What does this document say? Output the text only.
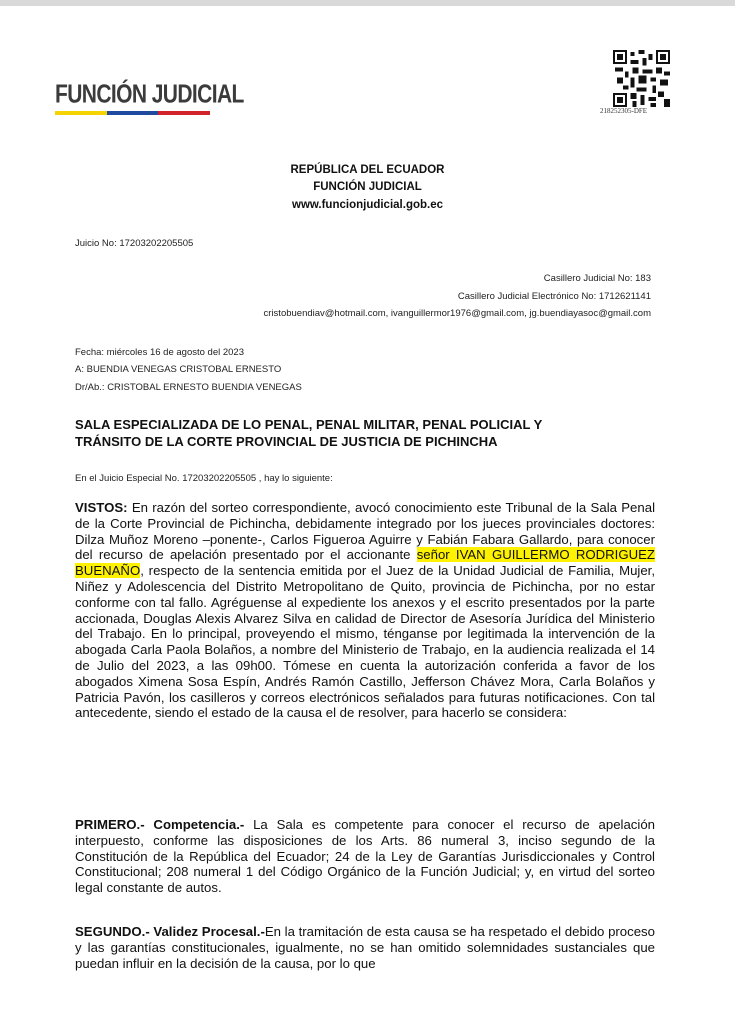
FUNCIÓN JUDICIAL
218252305-DFE
REPÚBLICA DEL ECUADOR
FUNCIÓN JUDICIAL
www.funcionjudicial.gob.ec
Juicio No: 17203202205505
Casillero Judicial No: 183
Casillero Judicial Electrónico No: 1712621141
cristobuendiav@hotmail.com, ivanguillermor1976@gmail.com, jg.buendiayasoc@gmail.com
Fecha: miércoles 16 de agosto del 2023
A: BUENDIA VENEGAS CRISTOBAL ERNESTO
Dr/Ab.: CRISTOBAL ERNESTO BUENDIA VENEGAS
SALA ESPECIALIZADA DE LO PENAL, PENAL MILITAR, PENAL POLICIAL Y
TRÁNSITO DE LA CORTE PROVINCIAL DE JUSTICIA DE PICHINCHA
En el Juicio Especial No. 17203202205505 , hay lo siguiente:
VISTOS: En razón del sorteo correspondiente, avocó conocimiento este Tribunal de la Sala Penal de la Corte Provincial de Pichincha, debidamente integrado por los jueces provinciales doctores: Dilza Muñoz Moreno –ponente-, Carlos Figueroa Aguirre y Fabián Fabara Gallardo, para conocer del recurso de apelación presentado por el accionante señor IVAN GUILLERMO RODRIGUEZ BUENAÑO, respecto de la sentencia emitida por el Juez de la Unidad Judicial de Familia, Mujer, Niñez y Adolescencia del Distrito Metropolitano de Quito, provincia de Pichincha, por no estar conforme con tal fallo. Agréguense al expediente los anexos y el escrito presentados por la parte accionada, Douglas Alexis Alvarez Silva en calidad de Director de Asesoría Jurídica del Ministerio del Trabajo. En lo principal, proveyendo el mismo, ténganse por legitimada la intervención de la abogada Carla Paola Bolaños, a nombre del Ministerio de Trabajo, en la audiencia realizada el 14 de Julio del 2023, a las 09h00. Tómese en cuenta la autorización conferida a favor de los abogados Ximena Sosa Espín, Andrés Ramón Castillo, Jefferson Chávez Mora, Carla Bolaños y Patricia Pavón, los casilleros y correos electrónicos señalados para futuras notificaciones. Con tal antecedente, siendo el estado de la causa el de resolver, para hacerlo se considera:
PRIMERO.- Competencia.- La Sala es competente para conocer el recurso de apelación interpuesto, conforme las disposiciones de los Arts. 86 numeral 3, inciso segundo de la Constitución de la República del Ecuador; 24 de la Ley de Garantías Jurisdiccionales y Control Constitucional; 208 numeral 1 del Código Orgánico de la Función Judicial; y, en virtud del sorteo legal constante de autos.
SEGUNDO.- Validez Procesal.-En la tramitación de esta causa se ha respetado el debido proceso y las garantías constitucionales, igualmente, no se han omitido solemnidades sustanciales que puedan influir en la decisión de la causa, por lo que
